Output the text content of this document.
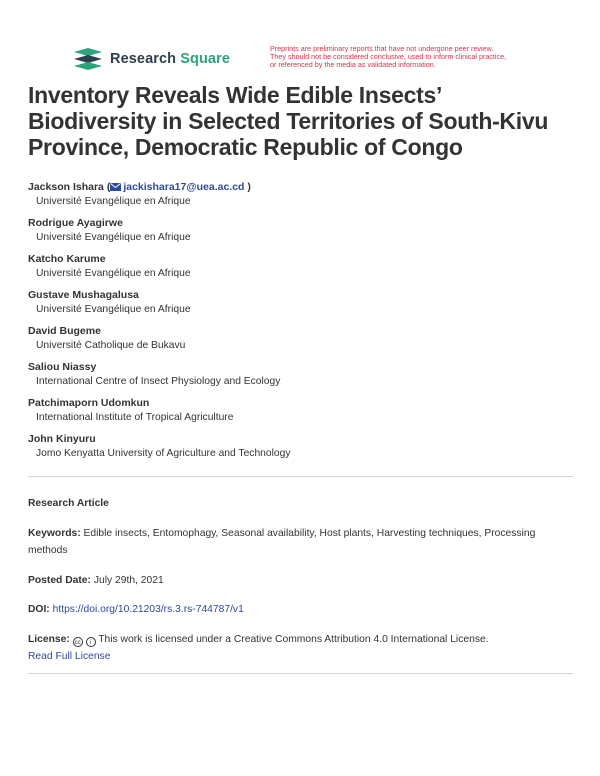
Research Square
Preprints are preliminary reports that have not undergone peer review.
They should not be considered conclusive, used to inform clinical practice,
or referenced by the media as validated information.
Inventory Reveals Wide Edible Insects’ Biodiversity in Selected Territories of South-Kivu Province, Democratic Republic of Congo
Jackson Ishara ( jackishara17@uea.ac.cd )
Université Evangélique en Afrique
Rodrigue Ayagirwe
Université Evangélique en Afrique
Katcho Karume
Université Evangélique en Afrique
Gustave Mushagalusa
Université Evangélique en Afrique
David Bugeme
Université Catholique de Bukavu
Saliou Niassy
International Centre of Insect Physiology and Ecology
Patchimaporn Udomkun
International Institute of Tropical Agriculture
John Kinyuru
Jomo Kenyatta University of Agriculture and Technology
Research Article
Keywords: Edible insects, Entomophagy, Seasonal availability, Host plants, Harvesting techniques, Processing methods
Posted Date: July 29th, 2021
DOI: https://doi.org/10.21203/rs.3.rs-744787/v1
License: cc i This work is licensed under a Creative Commons Attribution 4.0 International License.
Read Full License
